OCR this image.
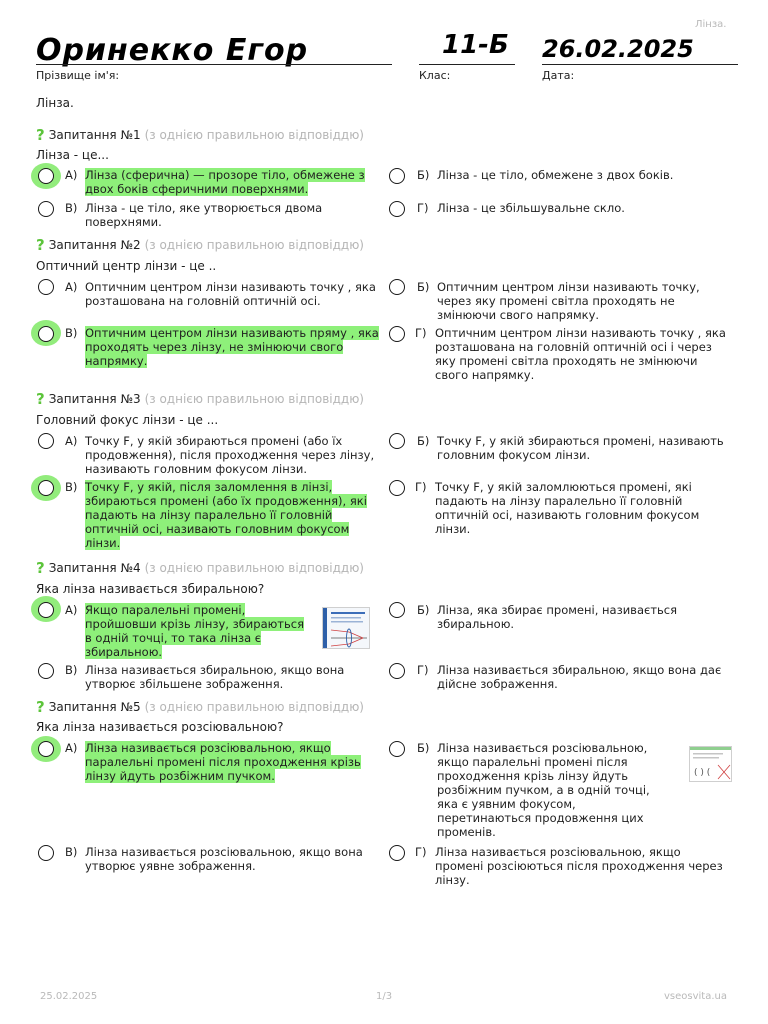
Лінза.
Оринекко Егор
Прізвище ім'я:
11-Б
Клас:
26.02.2025
Дата:
Лінза.
? Запитання №1 (з однією правильною відповіддю)
Лінза - це...
А) Лінза (сферична) — прозоре тіло, обмежене з двох боків сферичними поверхнями.
Б) Лінза - це тіло, обмежене з двох боків.
В) Лінза - це тіло, яке утворюється двома поверхнями.
Г) Лінза - це збільшувальне скло.
? Запитання №2 (з однією правильною відповіддю)
Оптичний центр лінзи - це ..
А) Оптичним центром лінзи називають точку , яка розташована на головній оптичній осі.
Б) Оптичним центром лінзи називають точку, через яку промені світла проходять не змінюючи свого напрямку.
В) Оптичним центром лінзи називають пряму , яка проходять через лінзу, не змінюючи свого напрямку.
Г) Оптичним центром лінзи називають точку , яка розташована на головній оптичній осі і через яку промені світла проходять не змінюючи свого напрямку.
? Запитання №3 (з однією правильною відповіддю)
Головний фокус лінзи - це ...
А) Точку F, у якій збираються промені (або їх продовження), після проходження через лінзу, називають головним фокусом лінзи.
Б) Точку F, у якій збираються промені, називають головним фокусом лінзи.
В) Точку F, у якій, після заломлення в лінзі, збираються промені (або їх продовження), які падають на лінзу паралельно її головній оптичній осі, називають головним фокусом лінзи.
Г) Точку F, у якій заломлюються промені, які падають на лінзу паралельно її головній оптичній осі, називають головним фокусом лінзи.
? Запитання №4 (з однією правильною відповіддю)
Яка лінза називається збиральною?
А) Якщо паралельні промені, пройшовши крізь лінзу, збираються в одній точці, то така лінза є збиральною.
Б) Лінза, яка збирає промені, називається збиральною.
В) Лінза називається збиральною, якщо вона утворює збільшене зображення.
Г) Лінза називається збиральною, якщо вона дає дійсне зображення.
? Запитання №5 (з однією правильною відповіддю)
Яка лінза називається розсіювальною?
А) Лінза називається розсіювальною, якщо паралельні промені після проходження крізь лінзу йдуть розбіжним пучком.
Б) Лінза називається розсіювальною, якщо паралельні промені після проходження крізь лінзу йдуть розбіжним пучком, а в одній точці, яка є уявним фокусом, перетинаються продовження цих променів.
( ) (
В) Лінза називається розсіювальною, якщо вона утворює уявне зображення.
Г) Лінза називається розсіювальною, якщо промені розсіюються після проходження через лінзу.
25.02.2025	1/3	vseosvita.ua
